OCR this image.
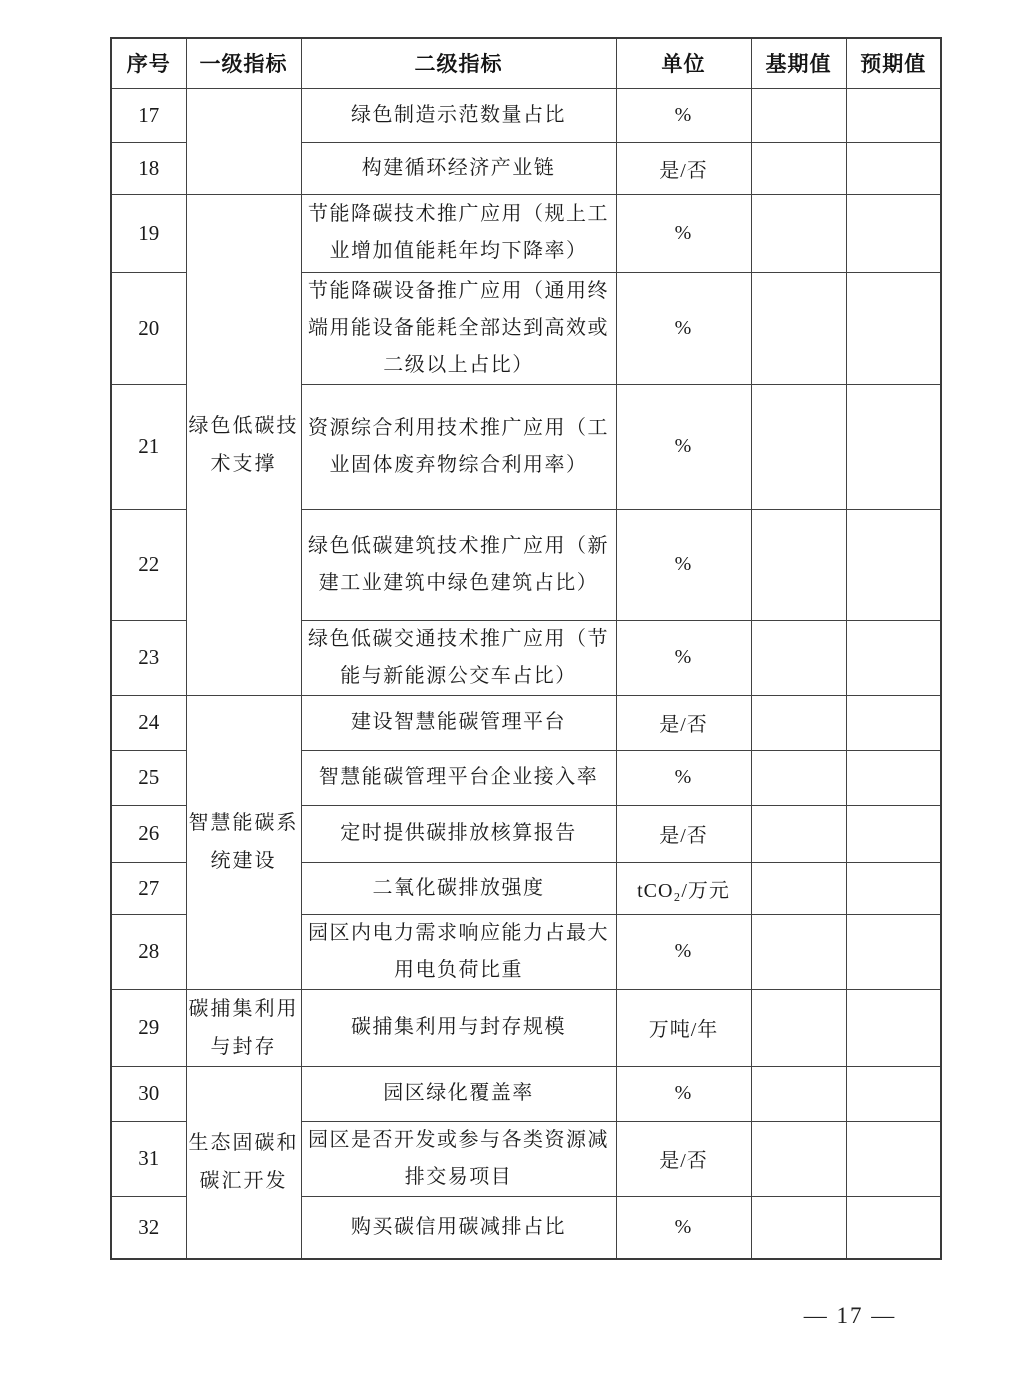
序号	一级指标	二级指标	单位	基期值	预期值
17		绿色制造示范数量占比	%		
18		构建循环经济产业链	是/否		
19	绿色低碳技术支撑	节能降碳技术推广应用（规上工业增加值能耗年均下降率）	%		
20		节能降碳设备推广应用（通用终端用能设备能耗全部达到高效或二级以上占比）	%		
21		资源综合利用技术推广应用（工业固体废弃物综合利用率）	%		
22		绿色低碳建筑技术推广应用（新建工业建筑中绿色建筑占比）	%		
23		绿色低碳交通技术推广应用（节能与新能源公交车占比）	%		
24	智慧能碳系统建设	建设智慧能碳管理平台	是/否		
25		智慧能碳管理平台企业接入率	%		
26		定时提供碳排放核算报告	是/否		
27		二氧化碳排放强度	tCO₂/万元		
28		园区内电力需求响应能力占最大用电负荷比重	%		
29	碳捕集利用与封存	碳捕集利用与封存规模	万吨/年		
30	生态固碳和碳汇开发	园区绿化覆盖率	%		
31		园区是否开发或参与各类资源减排交易项目	是/否		
32		购买碳信用碳减排占比	%		
— 17 —
